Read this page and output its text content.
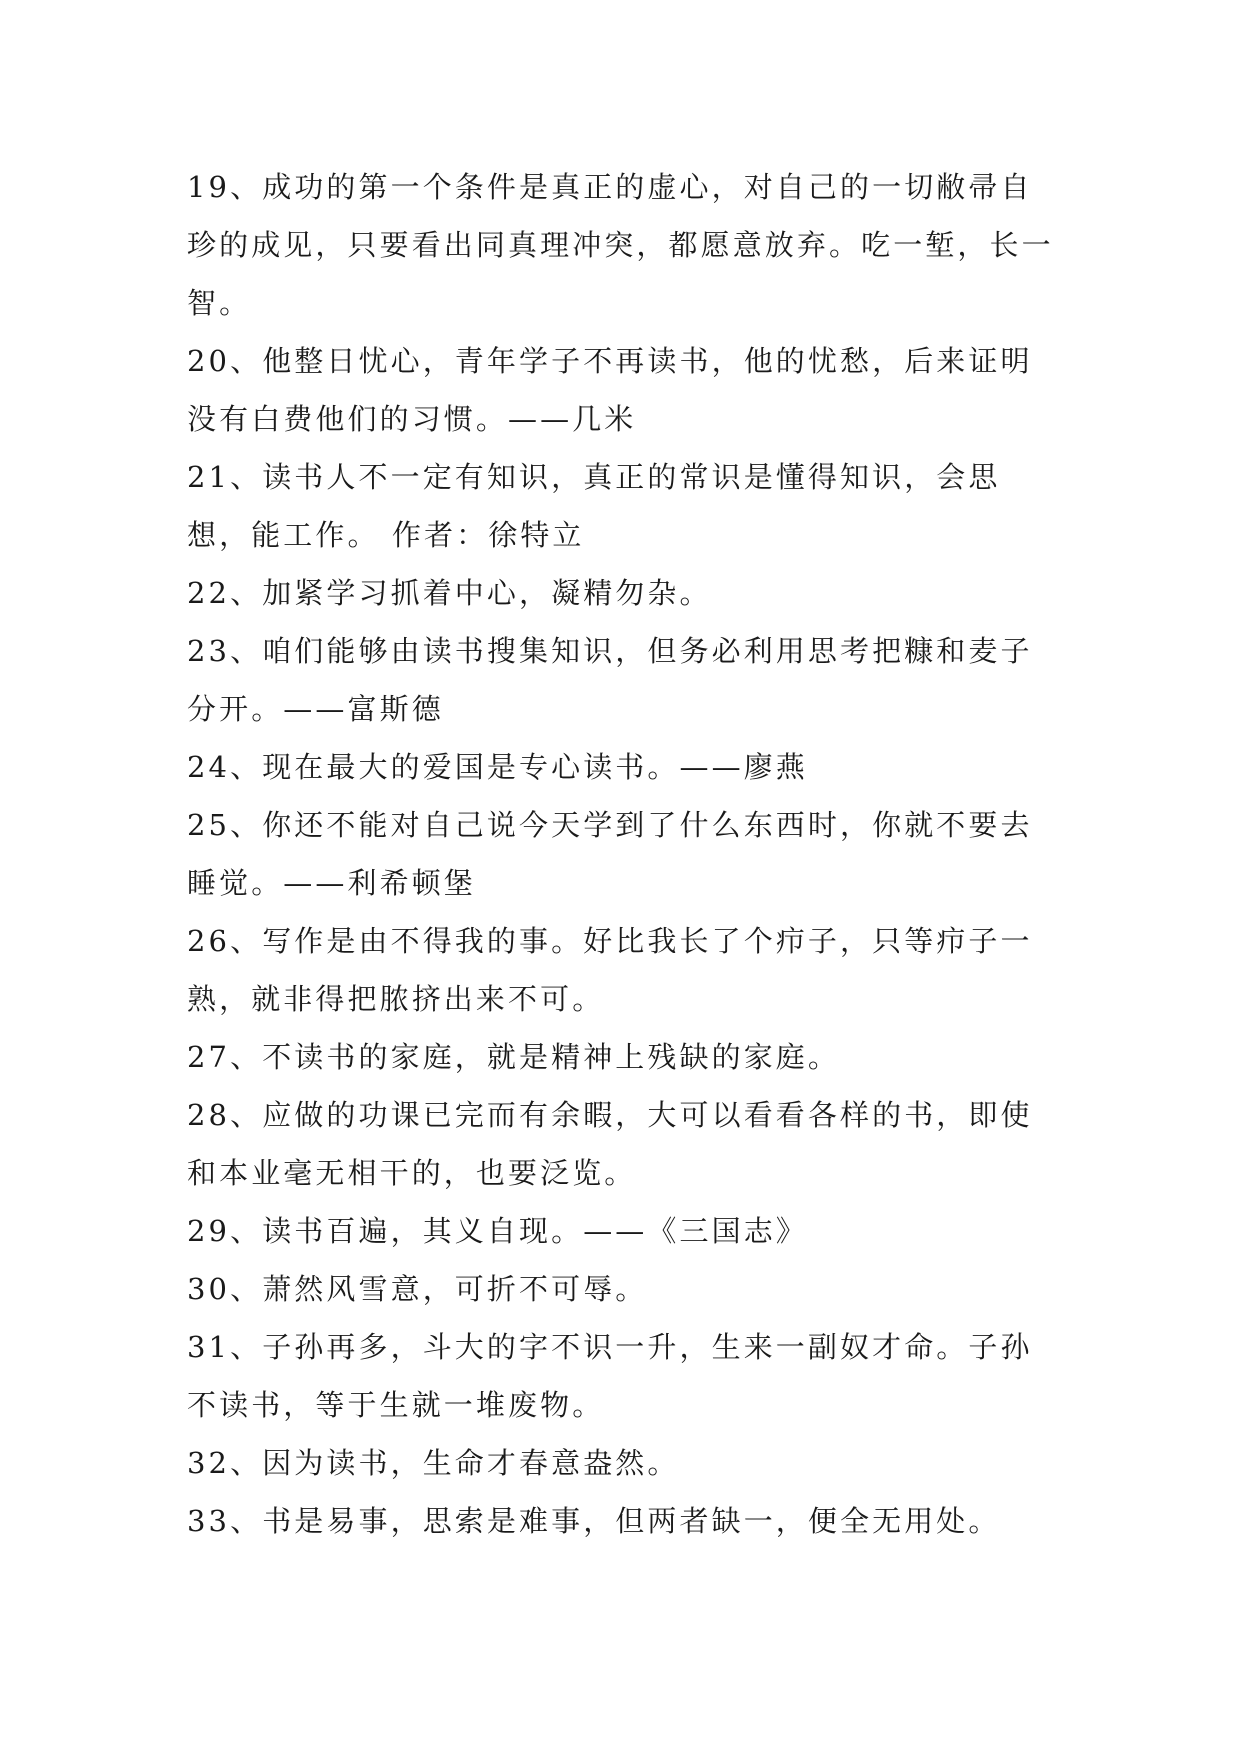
19、成功的第一个条件是真正的虚心，对自己的一切敝帚自珍的成见，只要看出同真理冲突，都愿意放弃。吃一堑，长一智。

20、他整日忧心，青年学子不再读书，他的忧愁，后来证明没有白费他们的习惯。——几米

21、读书人不一定有知识，真正的常识是懂得知识，会思想，能工作。 作者：徐特立

22、加紧学习抓着中心，凝精勿杂。

23、咱们能够由读书搜集知识，但务必利用思考把糠和麦子分开。——富斯德

24、现在最大的爱国是专心读书。——廖燕

25、你还不能对自己说今天学到了什么东西时，你就不要去睡觉。——利希顿堡

26、写作是由不得我的事。好比我长了个疖子，只等疖子一熟，就非得把脓挤出来不可。

27、不读书的家庭，就是精神上残缺的家庭。

28、应做的功课已完而有余暇，大可以看看各样的书，即使和本业毫无相干的，也要泛览。

29、读书百遍，其义自现。——《三国志》

30、萧然风雪意，可折不可辱。

31、子孙再多，斗大的字不识一升，生来一副奴才命。子孙不读书，等于生就一堆废物。

32、因为读书，生命才春意盎然。

33、书是易事，思索是难事，但两者缺一，便全无用处。
